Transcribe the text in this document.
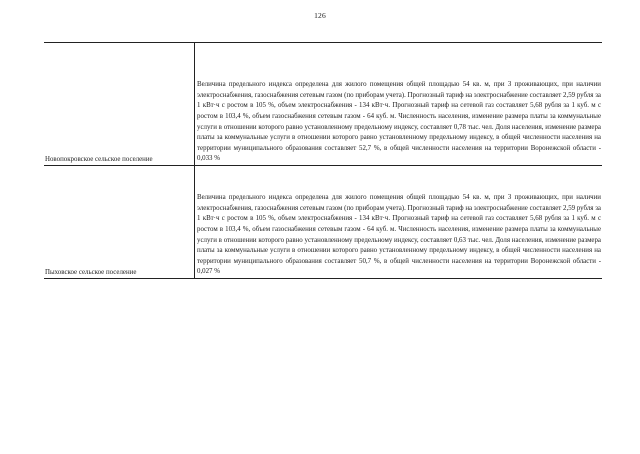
126
Новопокровское сельское поселение	Величина предельного индекса определена для жилого помещения общей площадью 54 кв. м, при 3 проживающих, при наличии электроснабжения, газоснабжения сетевым газом (по приборам учета). Прогнозный тариф на электроснабжение составляет 2,59 рубля за 1 кВт·ч с ростом в 105 %, объем электроснабжения - 134 кВт·ч. Прогнозный тариф на сетевой газ составляет 5,68 рубля за 1 куб. м с ростом в 103,4 %, объем газоснабжения сетевым газом - 64 куб. м. Численность населения, изменение размера платы за коммунальные услуги в отношении которого равно установленному предельному индексу, составляет 0,78 тыс. чел. Доля населения, изменение размера платы за коммунальные услуги в отношении которого равно установленному предельному индексу, в общей численности населения на территории муниципального образования составляет 52,7 %, в общей численности населения на территории Воронежской области - 0,033 %

Пыховское сельское поселение	Величина предельного индекса определена для жилого помещения общей площадью 54 кв. м, при 3 проживающих, при наличии электроснабжения, газоснабжения сетевым газом (по приборам учета). Прогнозный тариф на электроснабжение составляет 2,59 рубля за 1 кВт·ч с ростом в 105 %, объем электроснабжения - 134 кВт·ч. Прогнозный тариф на сетевой газ составляет 5,68 рубля за 1 куб. м с ростом в 103,4 %, объем газоснабжения сетевым газом - 64 куб. м. Численность населения, изменение размера платы за коммунальные услуги в отношении которого равно установленному предельному индексу, составляет 0,63 тыс. чел. Доля населения, изменение размера платы за коммунальные услуги в отношении которого равно установленному предельному индексу, в общей численности населения на территории муниципального образования составляет 50,7 %, в общей численности населения на территории Воронежской области - 0,027 %
